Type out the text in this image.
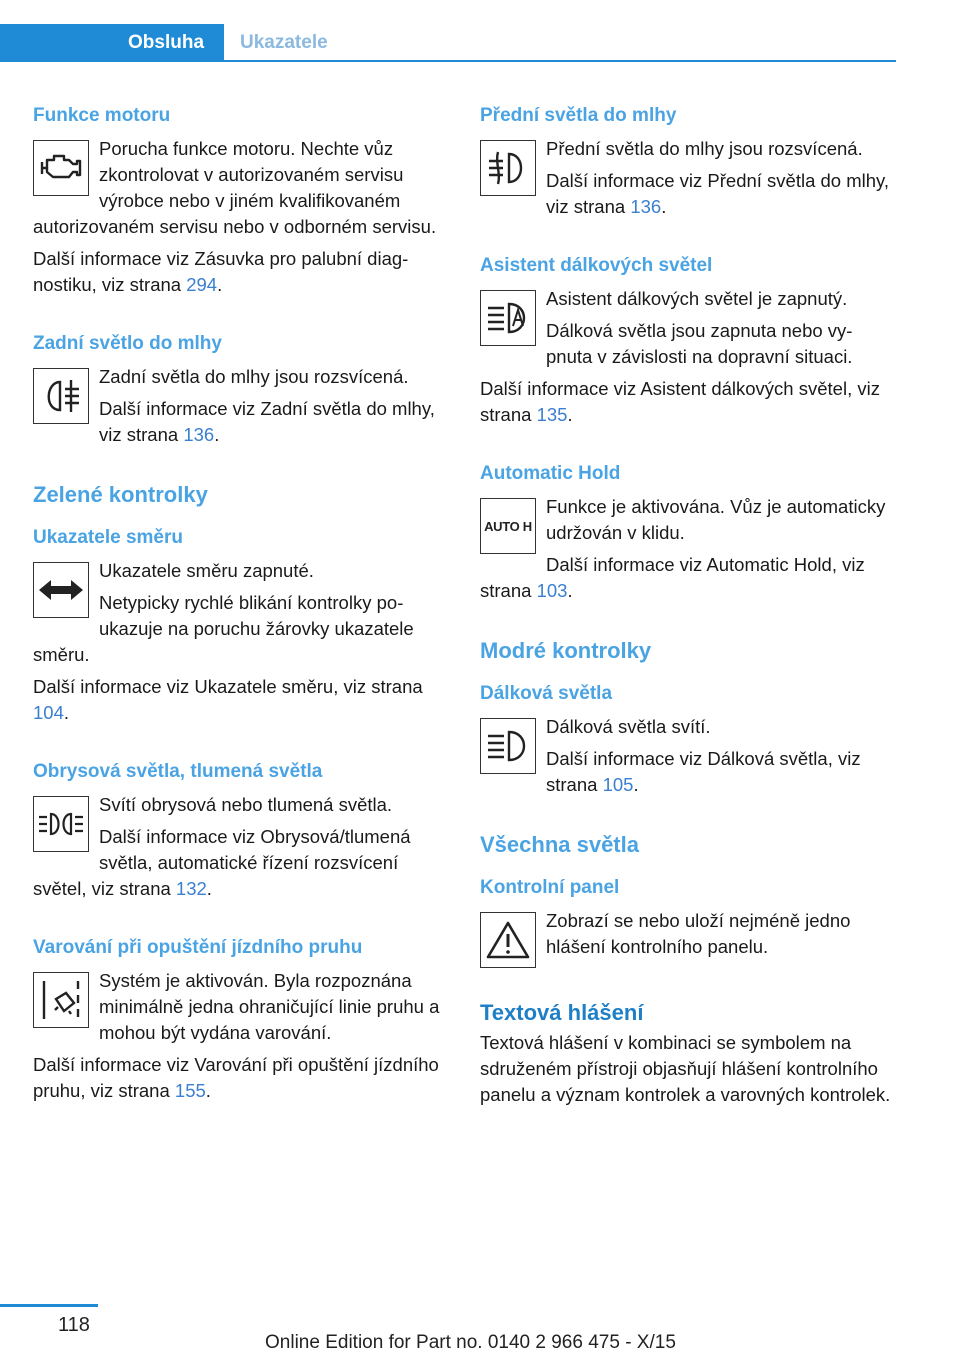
Obsluha	Ukazatele
Funkce motoru

Porucha funkce motoru. Nechte vůz zkontrolovat v autorizovaném servisu výrobce nebo v jiném kvalifikovaném autorizovaném servisu nebo v odborném servisu.

Další informace viz Zásuvka pro palubní diagnostiku, viz strana 294.

Zadní světlo do mlhy

Zadní světla do mlhy jsou rozsvícená.

Další informace viz Zadní světla do mlhy, viz strana 136.

Zelené kontrolky
Ukazatele směru

Ukazatele směru zapnuté.

Netypicky rychlé blikání kontrolky poukazuje na poruchu žárovky ukazatele směru.

Další informace viz Ukazatele směru, viz strana 104.

Obrysová světla, tlumená světla

Svítí obrysová nebo tlumená světla.

Další informace viz Obrysová/tlumená světla, automatické řízení rozsvícení světel, viz strana 132.

Varování při opuštění jízdního pruhu

Systém je aktivován. Byla rozpoznána minimálně jedna ohraničující linie pruhu a mohou být vydána varování.

Další informace viz Varování při opuštění jízdního pruhu, viz strana 155.

Přední světla do mlhy

Přední světla do mlhy jsou rozsvícená.

Další informace viz Přední světla do mlhy, viz strana 136.

Asistent dálkových světel

Asistent dálkových světel je zapnutý.

Dálková světla jsou zapnuta nebo vypnuta v závislosti na dopravní situaci.

Další informace viz Asistent dálkových světel, viz strana 135.

Automatic Hold
AUTO H

Funkce je aktivována. Vůz je automaticky udržován v klidu.

Další informace viz Automatic Hold, viz strana 103.

Modré kontrolky
Dálková světla

Dálková světla svítí.

Další informace viz Dálková světla, viz strana 105.

Všechna světla
Kontrolní panel

Zobrazí se nebo uloží nejméně jedno hlášení kontrolního panelu.

Textová hlášení

Textová hlášení v kombinaci se symbolem na sdruženém přístroji objasňují hlášení kontrolního panelu a význam kontrolek a varovných kontrolek.

118
Online Edition for Part no. 0140 2 966 475 - X/15
